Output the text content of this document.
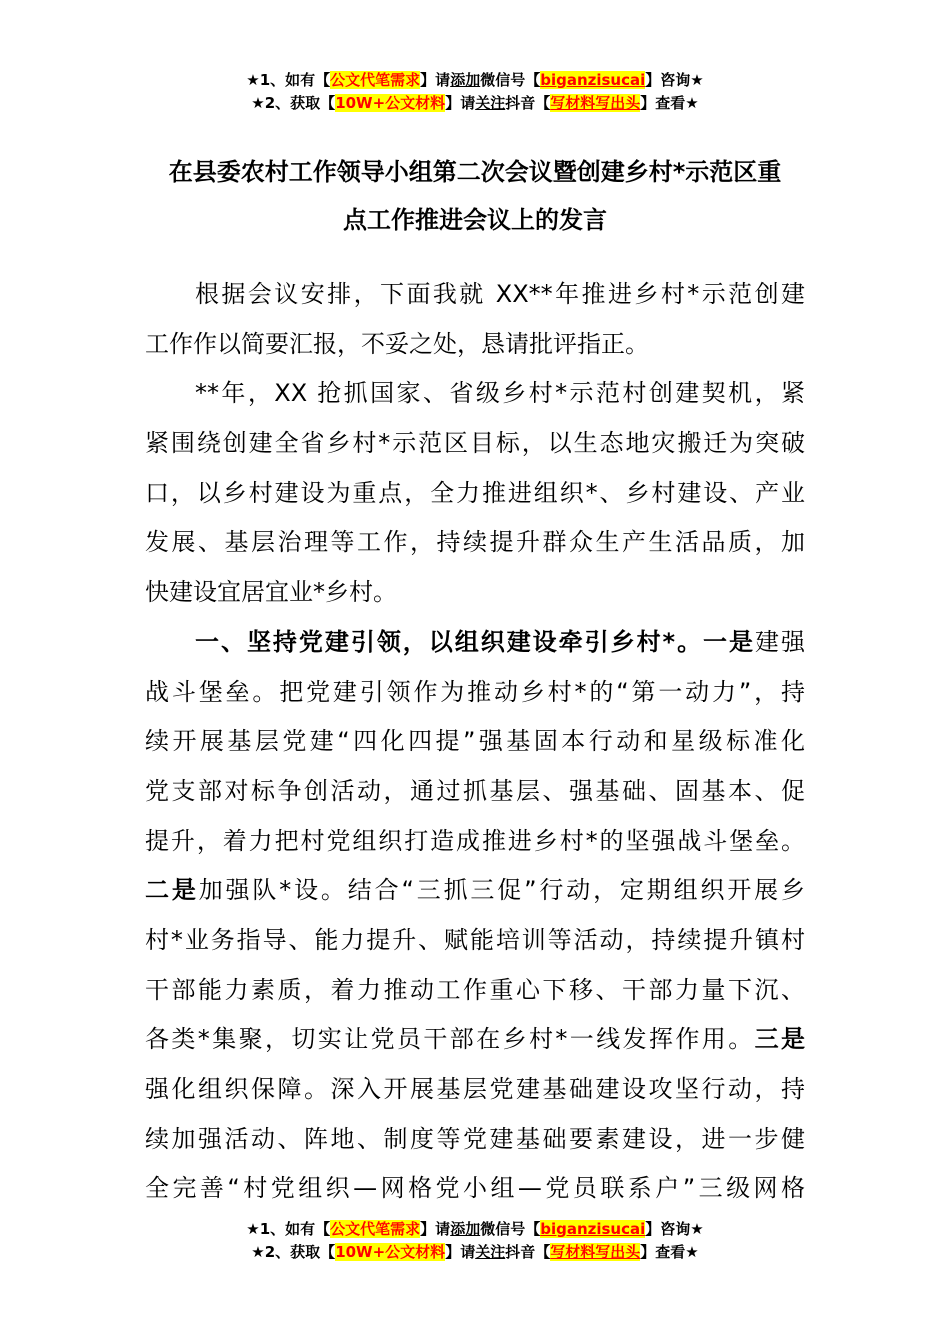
★1、如有【公文代笔需求】请添加微信号【biganzisucai】咨询★
★2、获取【10W+公文材料】请关注抖音【写材料写出头】查看★
在县委农村工作领导小组第二次会议暨创建乡村*示范区重
点工作推进会议上的发言
根据会议安排，下面我就 XX**年推进乡村*示范创建
工作作以简要汇报，不妥之处，恳请批评指正。
**年，XX 抢抓国家、省级乡村*示范村创建契机，紧
紧围绕创建全省乡村*示范区目标，以生态地灾搬迁为突破
口，以乡村建设为重点，全力推进组织*、乡村建设、产业
发展、基层治理等工作，持续提升群众生产生活品质，加
快建设宜居宜业*乡村。
一、坚持党建引领，以组织建设牵引乡村*。一是建强
战斗堡垒。把党建引领作为推动乡村*的“第一动力”，持
续开展基层党建“四化四提”强基固本行动和星级标准化
党支部对标争创活动，通过抓基层、强基础、固基本、促
提升，着力把村党组织打造成推进乡村*的坚强战斗堡垒。
二是加强队*设。结合“三抓三促”行动，定期组织开展乡
村*业务指导、能力提升、赋能培训等活动，持续提升镇村
干部能力素质，着力推动工作重心下移、干部力量下沉、
各类*集聚，切实让党员干部在乡村*一线发挥作用。三是
强化组织保障。深入开展基层党建基础建设攻坚行动，持
续加强活动、阵地、制度等党建基础要素建设，进一步健
全完善“村党组织—网格党小组—党员联系户”三级网格
★1、如有【公文代笔需求】请添加微信号【biganzisucai】咨询★
★2、获取【10W+公文材料】请关注抖音【写材料写出头】查看★
